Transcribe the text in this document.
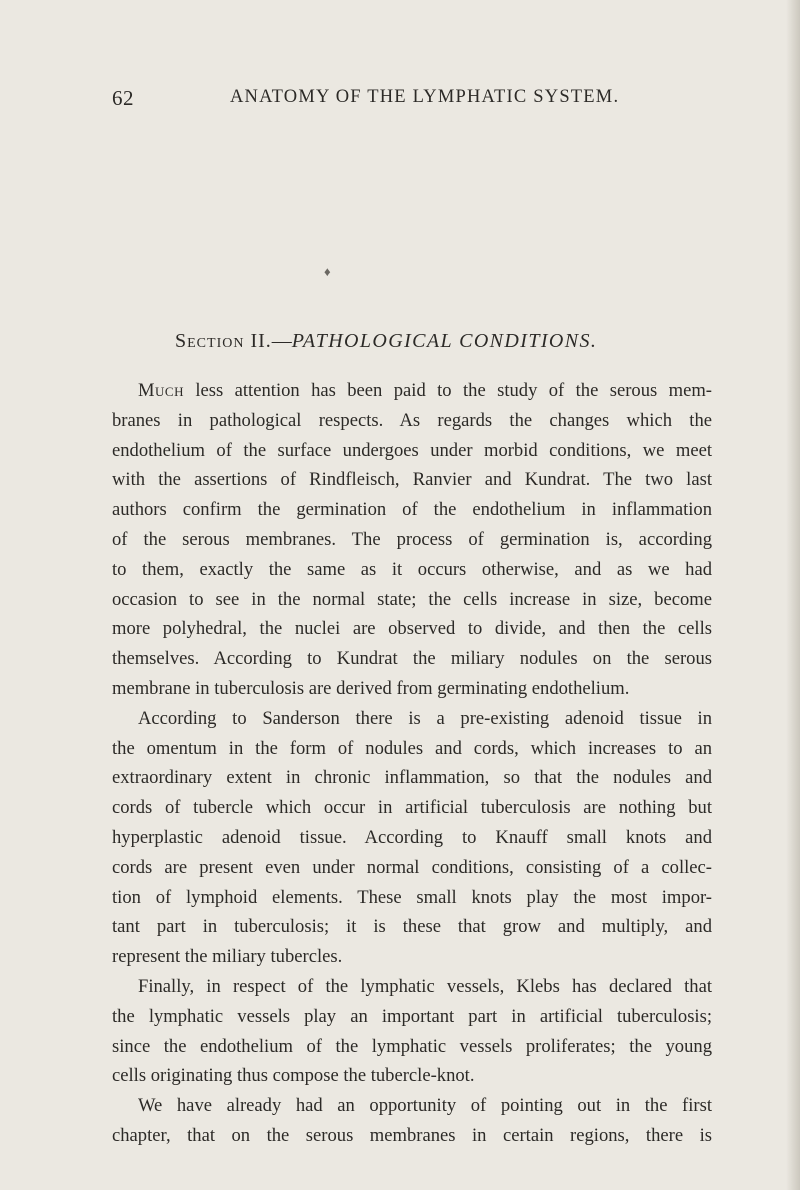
62	ANATOMY OF THE LYMPHATIC SYSTEM.
♦
Section II.—PATHOLOGICAL CONDITIONS.
Much less attention has been paid to the study of the serous mem-
branes in pathological respects. As regards the changes which the
endothelium of the surface undergoes under morbid conditions, we meet
with the assertions of Rindfleisch, Ranvier and Kundrat. The two last
authors confirm the germination of the endothelium in inflammation
of the serous membranes. The process of germination is, according
to them, exactly the same as it occurs otherwise, and as we had
occasion to see in the normal state; the cells increase in size, become
more polyhedral, the nuclei are observed to divide, and then the cells
themselves. According to Kundrat the miliary nodules on the serous
membrane in tuberculosis are derived from germinating endothelium.
According to Sanderson there is a pre-existing adenoid tissue in
the omentum in the form of nodules and cords, which increases to an
extraordinary extent in chronic inflammation, so that the nodules and
cords of tubercle which occur in artificial tuberculosis are nothing but
hyperplastic adenoid tissue. According to Knauff small knots and
cords are present even under normal conditions, consisting of a collec-
tion of lymphoid elements. These small knots play the most impor-
tant part in tuberculosis; it is these that grow and multiply, and
represent the miliary tubercles.
Finally, in respect of the lymphatic vessels, Klebs has declared that
the lymphatic vessels play an important part in artificial tuberculosis;
since the endothelium of the lymphatic vessels proliferates; the young
cells originating thus compose the tubercle-knot.
We have already had an opportunity of pointing out in the first
chapter, that on the serous membranes in certain regions, there is
